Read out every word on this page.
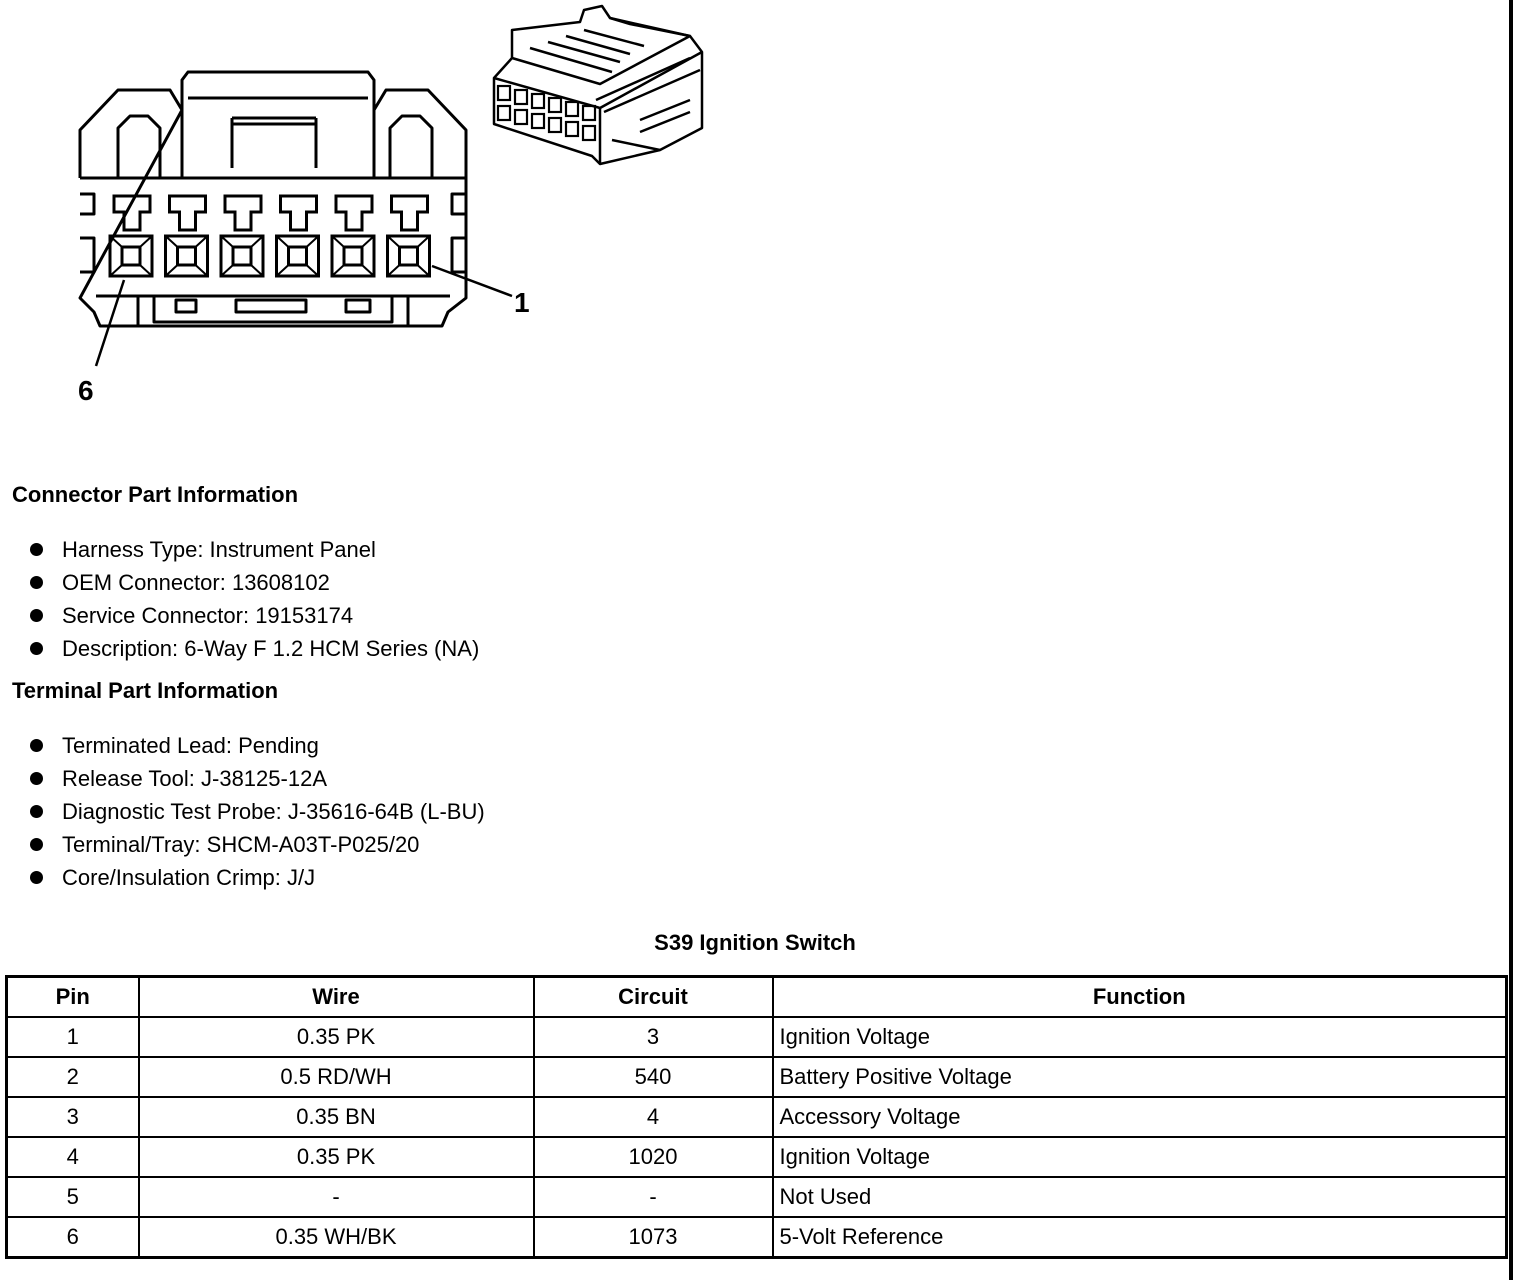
1
6
Connector Part Information
Harness Type: Instrument Panel
OEM Connector: 13608102
Service Connector: 19153174
Description: 6-Way F 1.2 HCM Series (NA)
Terminal Part Information
Terminated Lead: Pending
Release Tool: J-38125-12A
Diagnostic Test Probe: J-35616-64B (L-BU)
Terminal/Tray: SHCM-A03T-P025/20
Core/Insulation Crimp: J/J
S39 Ignition Switch
Pin	Wire	Circuit	Function
1	0.35 PK	3	Ignition Voltage
2	0.5 RD/WH	540	Battery Positive Voltage
3	0.35 BN	4	Accessory Voltage
4	0.35 PK	1020	Ignition Voltage
5	-	-	Not Used
6	0.35 WH/BK	1073	5-Volt Reference
